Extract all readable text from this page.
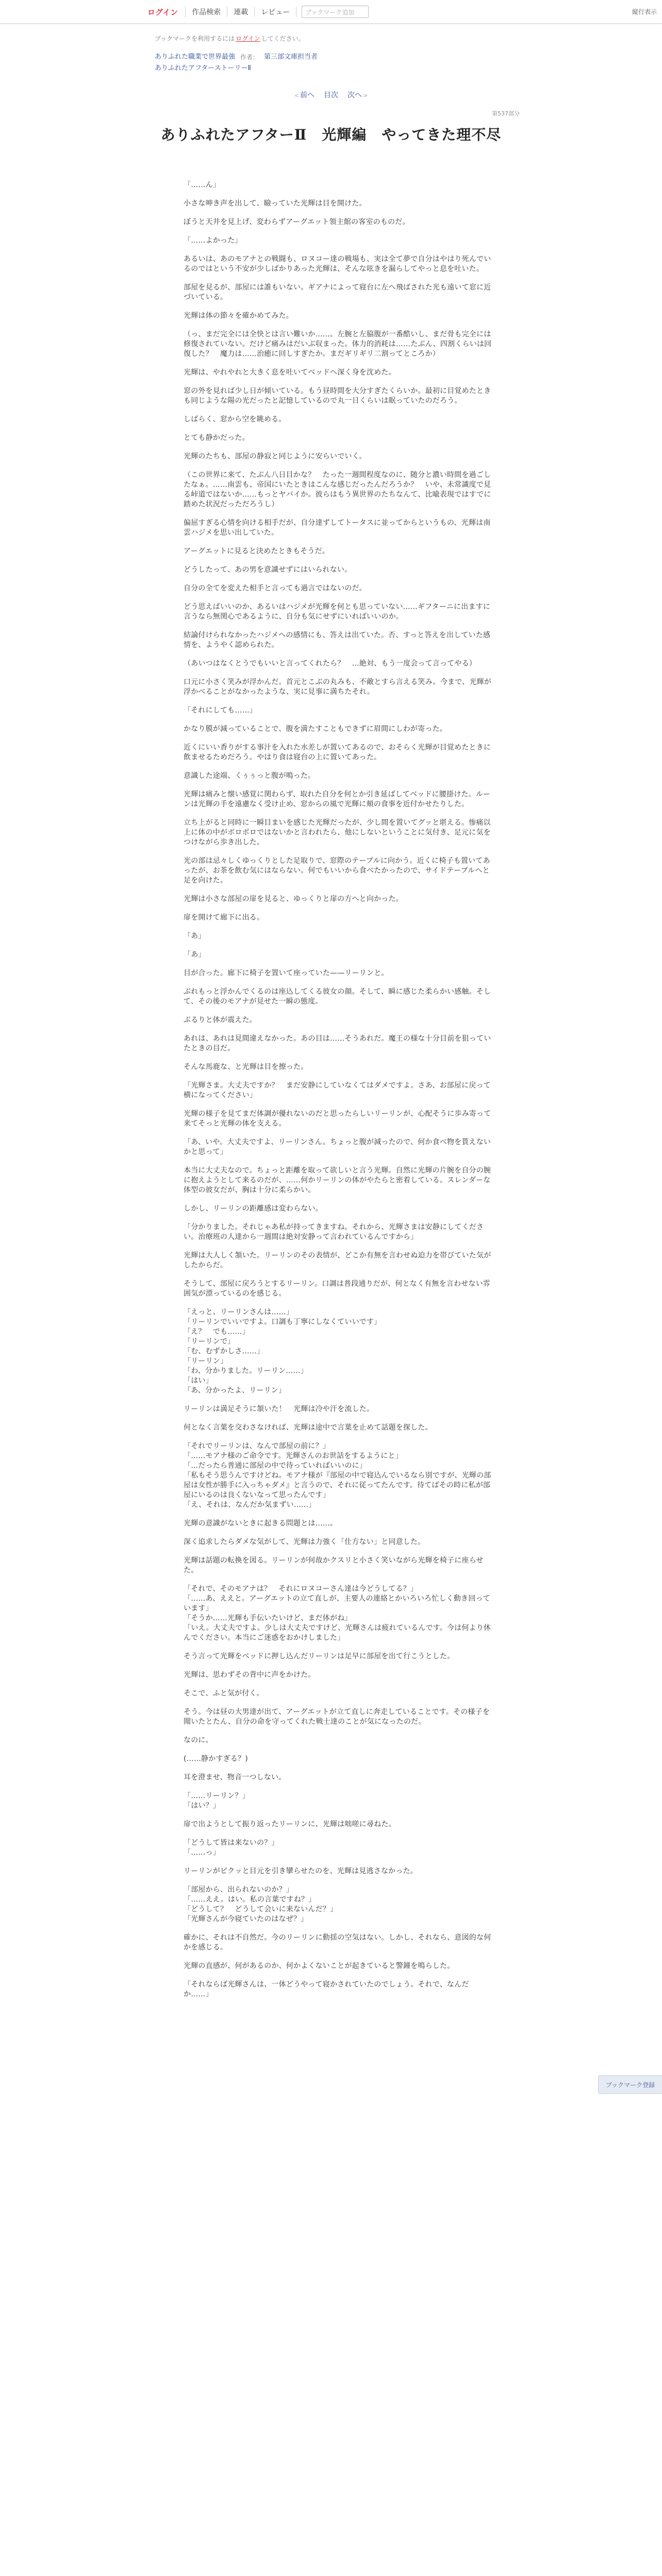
ログイン	作品検索	連載	レビュー	ブックマーク追加	縦行表示
ブックマークを利用するには ログイン してください。
ありふれた職業で世界最強 作者： 第三部文庫担当者
ありふれたアフターストーリーⅡ
< 前へ 目次 次へ >
第537部分
ありふれたアフターⅡ　光輝編　やってきた理不尽
「……ん」
小さな呻き声を出して、瞼っていた光輝は目を開けた。
ぼうと天井を見上げ、変わらずアーグエット領主館の客室のものだ。
「……よかった」
あるいは、あのモアナとの戦闘も、ロヌコー達の戦場も、実は全て夢で自分はやはり死んでいるのではという不安が少しばかりあった光輝は、そんな呟きを漏らしてやっと息を吐いた。
部屋を見るが、部屋には誰もいない。ギアナによって寝台に左へ飛ばされた光も遠いて窓に近づいている。
光輝は体の節々を確かめてみた。
（っ、まだ完全には全快とは言い難いか……。左腕と左脇腹が一番酷いし、まだ骨も完全には修復されていない。だけど痛みはだいぶ収まった。体力的消耗は……たぶん、四割くらいは回復した？　魔力は……治癒に回しすぎたか。まだギリギリ二割ってところか）
光輝は、やれやれと大きく息を吐いてベッドへ深く身を沈めた。
窓の外を見れば少し日が傾いている。もう昼時間を大分すぎたくらいか。最初に目覚めたときも同じような陽の光だったと記憶しているので丸一日くらいは眠っていたのだろう。
しばらく、窓から空を眺める。
とても静かだった。
光輝のたちも、部屋の静寂と同じように安らいでいく。
（この世界に来て、たぶん八日目かな？　たった一週間程度なのに、随分と濃い時間を過ごしたなぁ。……南雲も、帝国にいたときはこんな感じだったんだろうか？　いや、未常識度で見る峠道ではないか……もっとヤバイか。彼らはもう異世界のたちなんて、比喩表現ではすでに踏めた状況だっただろうし）
偏屈すぎる心情を向ける相手だが、自分達ずしてトータスに並ってからというもの、光輝は南雲ハジメを思い出していた。
アーグエットに見ると決めたときもそうだ。
どうしたって、あの男を意識せずにはいられない。
自分の全てを変えた相手と言っても過言ではないのだ。
どう思えばいいのか、あるいはハジメが光輝を何とも思っていない……ギフターニに出ますに言うなら無関心であるように、自分も気にせずにいればいいのか。
結論付けられなかったハジメへの感情にも、答えは出ていた。否、すっと答えを出していた感情を、ようやく認められた。
（あいつはなくとうでもいいと言ってくれたら？　…絶対、もう一度会って言ってやる）
口元に小さく笑みが浮かんだ。首元とこぶの丸みも、不敵とすら言える笑み。今まで、光輝が浮かべることがなかったような、実に見事に満ちたそれ。
「それにしても……」
かなり膜が減っていることで、腹を満たすこともできずに眉間にしわが寄った。
近くにいい香りがする事汁を入れた水差しが置いてあるので、おそらく光輝が目覚めたときに飲ませるためだろう。やはり食は寝台の上に置いてあった。
意識した途端、くぅぅっと腹が鳴った。
光輝は痛みと懐い感覚に関わらず、取れた自分を何とか引き延ばしてベッドに腰掛けた。ルーンは光輝の手を遠慮なく受け止め、窓からの風で光輝に頬の食事を近付かせたりした。
立ち上がると同時に一瞬目まいを感じた光輝だったが、少し間を置いてグッと堪える。惨痛以上に体の中がボロボロではないかと言われたら、他にしないということに気付き、足元に気をつけながら歩き出した。
光の部は忌々しくゆっくりとした足取りで、窓際のテーブルに向かう。近くに椅子も置いてあったが、お茶を飲む気にはならない。何でもいいから食べたかったので、サイドテーブルへと足を向けた。
光輝は小さな部屋の扉を見ると、ゆっくりと扉の方へと向かった。
扉を開けて廊下に出る。
「あ」
「あ」
目が合った。廊下に椅子を置いて座っていた——リーリンと。
ぶれもっと浮かんでくるのは座込してくる彼女の顔。そして、瞬に感じた柔らかい感触。そして、その後のモアナが見せた一瞬の態度。
ぶるりと体が震えた。
あれは、あれは見間違えなかった。あの目は……そうあれだ。魔王の様な十分目前を狙っていたときの目だ。
そんな馬鹿な、と光輝は目を擦った。
「光輝さま。大丈夫ですか？　まだ安静にしていなくてはダメですよ。さあ、お部屋に戻って横になってください」
光輝の様子を見てまだ体調が優れないのだと思ったらしいリーリンが、心配そうに歩み寄って来てそっと光輝の体を支える。
「あ、いや。大丈夫ですよ、リーリンさん。ちょっと腹が減ったので、何か食べ物を貰えないかと思って」
本当に大丈夫なので。ちょっと距離を取って欲しいと言う光輝。自然に光輝の片腕を自分の腕に抱えようとして来るのだが、……何かリーリンの体がやたらと密着している。スレンダーな体型の彼女だが、胸は十分に柔らかい。
しかし、リーリンの距離感は変わらない。
「分かりました。それじゃあ私が持ってきますね。それから、光輝さまは安静にしてください。治療班の人達から一週間は絶対安静って言われているんですから」
光輝は大人しく頷いた。リーリンのその表情が、どこか有無を言わせぬ迫力を帯びていた気がしたからだ。
そうして、部屋に戻ろうとするリーリン。口調は普段通りだが、何となく有無を言わせない雰囲気が漂っているのを感じる。
「えっと、リーリンさんは……」
「リーリンでいいですよ。口調も丁寧にしなくていいです」
「え？　でも……」
「リーリンで」
「む、むずかしさ……」
「リーリン」
「わ、分かりました。リーリン……」
「はい」
「あ、分かったよ、リーリン」
リーリンは満足そうに頷いた！　光輝は冷や汗を流した。
何となく言葉を交わさなければ、光輝は途中で言葉を止めて話題を探した。
「それでリーリンは、なんで部屋の前に？」
「……モアナ様のご命令です。光輝さんのお世話をするようにと」
「…だったら普通に部屋の中で待っていればいいのに」
「私もそう思うんですけどね。モアナ様が『部屋の中で寝込んでいるなら別ですが、光輝の部屋は女性が勝手に入っちゃダメ』と言うので、それに従ってたんです。待てばその時に私が部屋にいるのは良くないなって思ったんです」
「え、それは、なんだか気まずい……」
光輝の意識がないときに起きる問題とは……。
深く追求したらダメな気がして、光輝は力強く「仕方ない」と同意した。
光輝は話題の転換を図る。リーリンが何故かクスリと小さく笑いながら光輝を椅子に座らせた。
「それで、そのモアナは？　それにロヌコーさん達は今どうしてる？」
「……あ、ええと。アーグエットの立て直しが、主要人の連絡とかいろいろ忙しく動き回っています」
「そうか……光輝も手伝いたいけど、まだ体がね」
「いえ。大丈夫ですよ。少しは大丈夫ですけど、光輝さんは疲れているんです。今は何より休んでください。本当にご迷惑をおかけしました」
そう言って光輝をベッドに押し込んだリーリンは足早に部屋を出て行こうとした。
光輝は、思わずその背中に声をかけた。
そこで、ふと気が付く。
そう。今は昼の大男達が出て、アーグエットが立て直しに奔走していることです。その様子を聞いたとたん、自分の命を守ってくれた戦士達のことが気になったのだ。
なのに。
(……静かすぎる？)
耳を澄ませ、物音一つしない。
「……リーリン？」
「はい？」
扉で出ようとして振り返ったリーリンに、光輝は咄嗟に尋ねた。
「どうして皆は来ないの？」
「……っ」
リーリンがピクッと目元を引き攣らせたのを、光輝は見逃さなかった。
「部屋から、出られないのか？」
「……ええ。はい。私の言葉ですね？」
「どうして？　どうして会いに来ないんだ？」
「光輝さんが今寝ていたのはなぜ？」
確かに、それは不自然だ。今のリーリンに動揺の空気はない。しかし、それなら、意図的な何かを感じる。
光輝の直感が、何があるのか、何かよくないことが起きていると警鐘を鳴らした。
「それならば光輝さんは、一体どうやって寝かされていたのでしょう。それで、なんだか……」
ブックマーク登録
